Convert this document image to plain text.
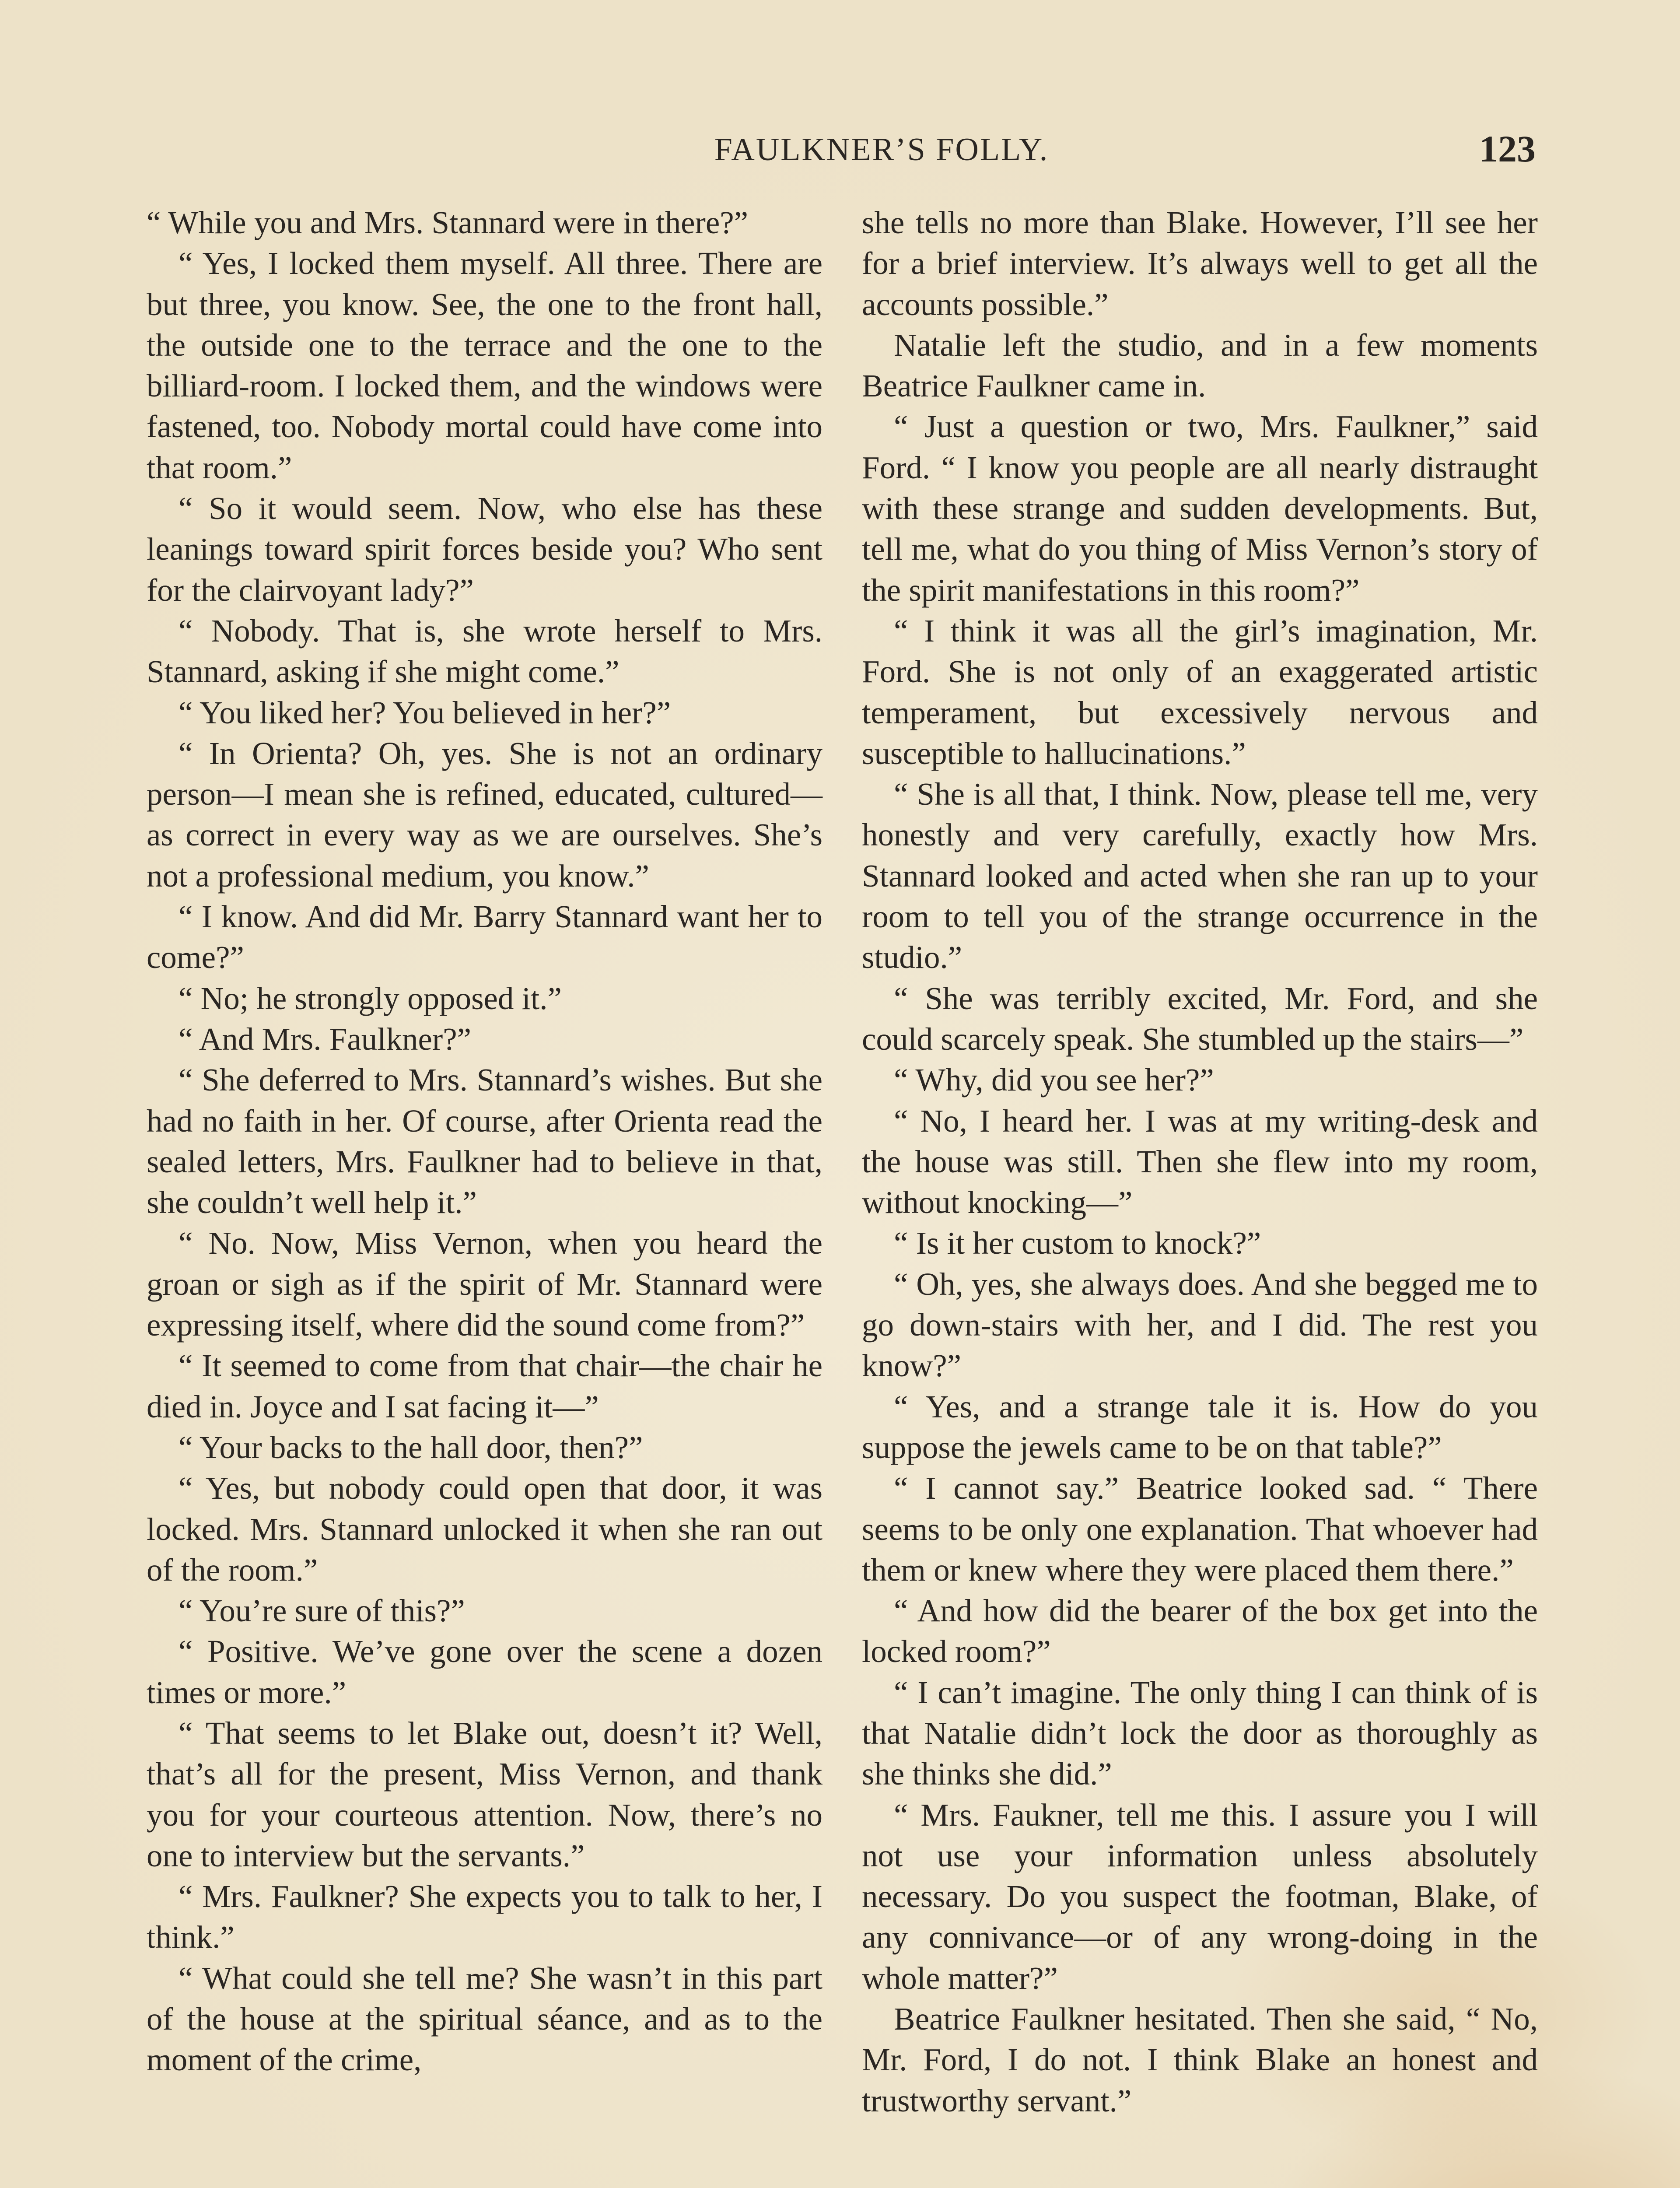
FAULKNER’S FOLLY.	123

“ While you and Mrs. Stannard were in there?”

“ Yes, I locked them myself. All three. There are but three, you know. See, the one to the front hall, the outside one to the terrace and the one to the billiard-room. I locked them, and the windows were fastened, too. Nobody mortal could have come into that room.”

“ So it would seem. Now, who else has these leanings toward spirit forces beside you? Who sent for the clairvoyant lady?”

“ Nobody. That is, she wrote herself to Mrs. Stannard, asking if she might come.”

“ You liked her? You believed in her?”

“ In Orienta? Oh, yes. She is not an ordinary person—I mean she is refined, educated, cultured—as correct in every way as we are ourselves. She’s not a professional medium, you know.”

“ I know. And did Mr. Barry Stannard want her to come?”

“ No; he strongly opposed it.”

“ And Mrs. Faulkner?”

“ She deferred to Mrs. Stannard’s wishes. But she had no faith in her. Of course, after Orienta read the sealed letters, Mrs. Faulkner had to believe in that, she couldn’t well help it.”

“ No. Now, Miss Vernon, when you heard the groan or sigh as if the spirit of Mr. Stannard were expressing itself, where did the sound come from?”

“ It seemed to come from that chair—the chair he died in. Joyce and I sat facing it—”

“ Your backs to the hall door, then?”

“ Yes, but nobody could open that door, it was locked. Mrs. Stannard unlocked it when she ran out of the room.”

“ You’re sure of this?”

“ Positive. We’ve gone over the scene a dozen times or more.”

“ That seems to let Blake out, doesn’t it? Well, that’s all for the present, Miss Vernon, and thank you for your courteous attention. Now, there’s no one to interview but the servants.”

“ Mrs. Faulkner? She expects you to talk to her, I think.”

“ What could she tell me? She wasn’t in this part of the house at the spiritual séance, and as to the moment of the crime,

she tells no more than Blake. However, I’ll see her for a brief interview. It’s always well to get all the accounts possible.”

Natalie left the studio, and in a few moments Beatrice Faulkner came in.

“ Just a question or two, Mrs. Faulkner,” said Ford. “ I know you people are all nearly distraught with these strange and sudden developments. But, tell me, what do you thing of Miss Vernon’s story of the spirit manifestations in this room?”

“ I think it was all the girl’s imagination, Mr. Ford. She is not only of an exaggerated artistic temperament, but excessively nervous and susceptible to hallucinations.”

“ She is all that, I think. Now, please tell me, very honestly and very carefully, exactly how Mrs. Stannard looked and acted when she ran up to your room to tell you of the strange occurrence in the studio.”

“ She was terribly excited, Mr. Ford, and she could scarcely speak. She stumbled up the stairs—”

“ Why, did you see her?”

“ No, I heard her. I was at my writing-desk and the house was still. Then she flew into my room, without knocking—”

“ Is it her custom to knock?”

“ Oh, yes, she always does. And she begged me to go down-stairs with her, and I did. The rest you know?”

“ Yes, and a strange tale it is. How do you suppose the jewels came to be on that table?”

“ I cannot say.” Beatrice looked sad. “ There seems to be only one explanation. That whoever had them or knew where they were placed them there.”

“ And how did the bearer of the box get into the locked room?”

“ I can’t imagine. The only thing I can think of is that Natalie didn’t lock the door as thoroughly as she thinks she did.”

“ Mrs. Faukner, tell me this. I assure you I will not use your information unless absolutely necessary. Do you suspect the footman, Blake, of any connivance—or of any wrong-doing in the whole matter?”

Beatrice Faulkner hesitated. Then she said, “ No, Mr. Ford, I do not. I think Blake an honest and trustworthy servant.”
